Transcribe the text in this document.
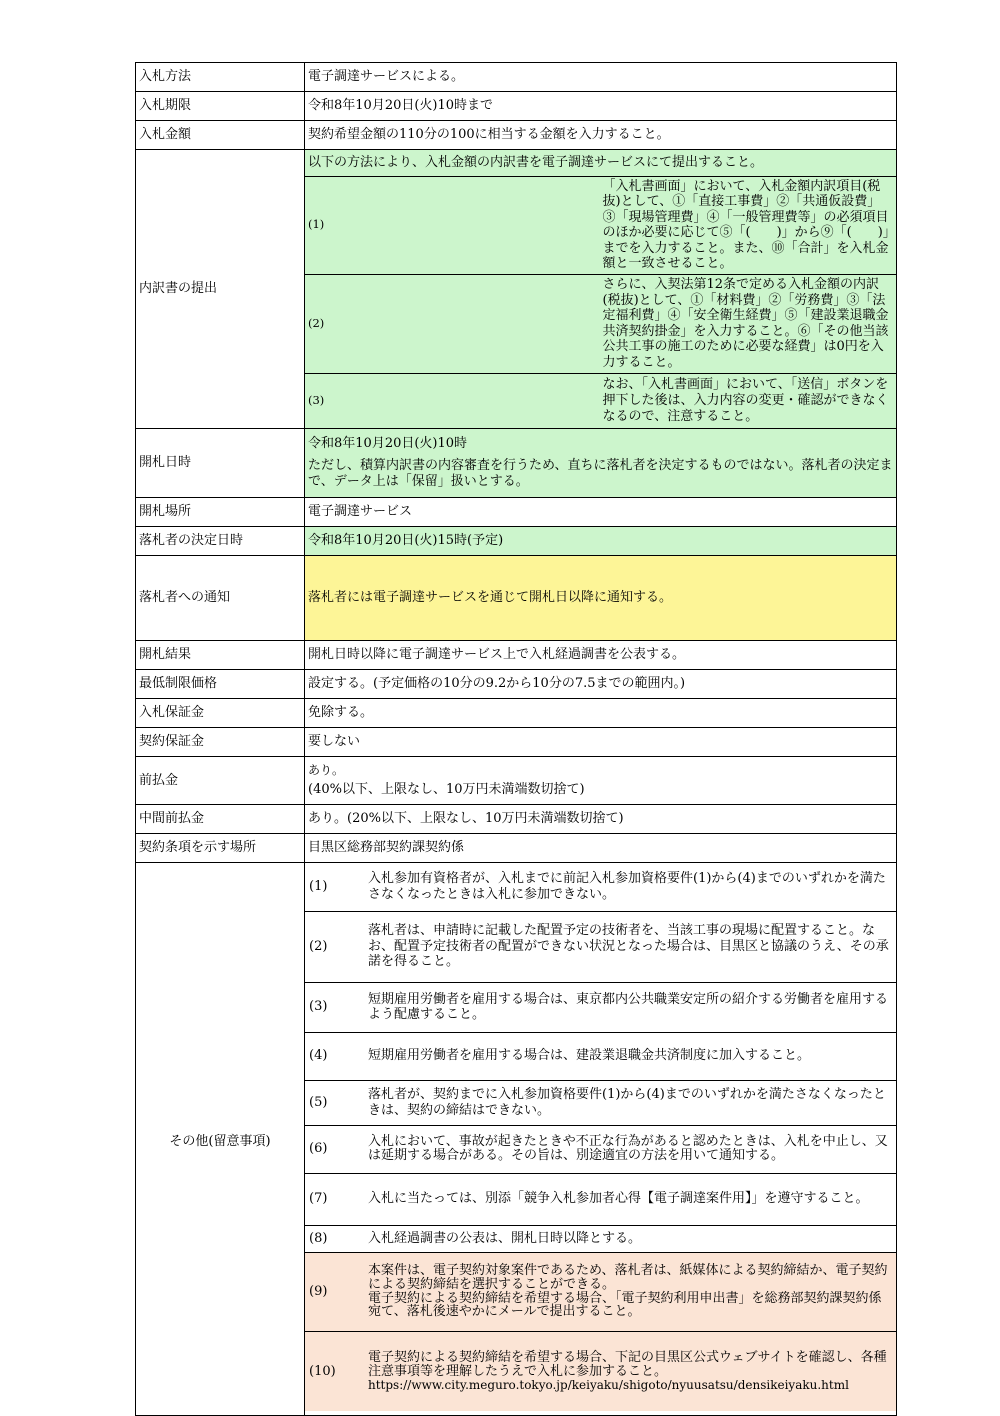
入札方法	電子調達サービスによる。
入札期限	令和8年10月20日(火)10時まで
入札金額	契約希望金額の110分の100に相当する金額を入力すること。
内訳書の提出	
以下の方法により、入札金額の内訳書を電子調達サービスにて提出すること。
(1)	「入札書画面」において、入札金額内訳項目(税抜)として、①「直接工事費」②「共通仮設費」③「現場管理費」④「一般管理費等」の必須項目のほか必要に応じて⑤「(　　)」から⑨「(　　)」までを入力すること。また、⑩「合計」を入札金額と一致させること。
(2)	さらに、入契法第12条で定める入札金額の内訳(税抜)として、①「材料費」②「労務費」③「法定福利費」④「安全衛生経費」⑤「建設業退職金共済契約掛金」を入力すること。⑥「その他当該公共工事の施工のために必要な経費」は0円を入力すること。
(3)	なお、「入札書画面」において、「送信」ボタンを押下した後は、入力内容の変更・確認ができなくなるので、注意すること。

開札日時	
令和8年10月20日(火)10時
ただし、積算内訳書の内容審査を行うため、直ちに落札者を決定するものではない。落札者の決定まで、データ上は「保留」扱いとする。

開札場所	電子調達サービス
落札者の決定日時	令和8年10月20日(火)15時(予定)
落札者への通知	落札者には電子調達サービスを通じて開札日以降に通知する。
開札結果	開札日時以降に電子調達サービス上で入札経過調書を公表する。
最低制限価格	設定する。(予定価格の10分の9.2から10分の7.5までの範囲内。)
入札保証金	免除する。
契約保証金	要しない
前払金	
あり。
(40%以下、上限なし、10万円未満端数切捨て)

中間前払金	あり。(20%以下、上限なし、10万円未満端数切捨て)
契約条項を示す場所	目黒区総務部契約課契約係
その他(留意事項)	
(1)	入札参加有資格者が、入札までに前記入札参加資格要件(1)から(4)までのいずれかを満たさなくなったときは入札に参加できない。
(2)	落札者は、申請時に記載した配置予定の技術者を、当該工事の現場に配置すること。なお、配置予定技術者の配置ができない状況となった場合は、目黒区と協議のうえ、その承諾を得ること。
(3)	短期雇用労働者を雇用する場合は、東京都内公共職業安定所の紹介する労働者を雇用するよう配慮すること。
(4)	短期雇用労働者を雇用する場合は、建設業退職金共済制度に加入すること。
(5)	落札者が、契約までに入札参加資格要件(1)から(4)までのいずれかを満たさなくなったときは、契約の締結はできない。
(6)	入札において、事故が起きたときや不正な行為があると認めたときは、入札を中止し、又は延期する場合がある。その旨は、別途適宜の方法を用いて通知する。
(7)	入札に当たっては、別添「競争入札参加者心得【電子調達案件用】」を遵守すること。
(8)	入札経過調書の公表は、開札日時以降とする。
(9)	
本案件は、電子契約対象案件であるため、落札者は、紙媒体による契約締結か、電子契約による契約締結を選択することができる。
電子契約による契約締結を希望する場合、「電子契約利用申出書」を総務部契約課契約係宛て、落札後速やかにメールで提出すること。

(10)	
電子契約による契約締結を希望する場合、下記の目黒区公式ウェブサイトを確認し、各種注意事項等を理解したうえで入札に参加すること。
https://www.city.meguro.tokyo.jp/keiyaku/shigoto/nyuusatsu/densikeiyaku.html
